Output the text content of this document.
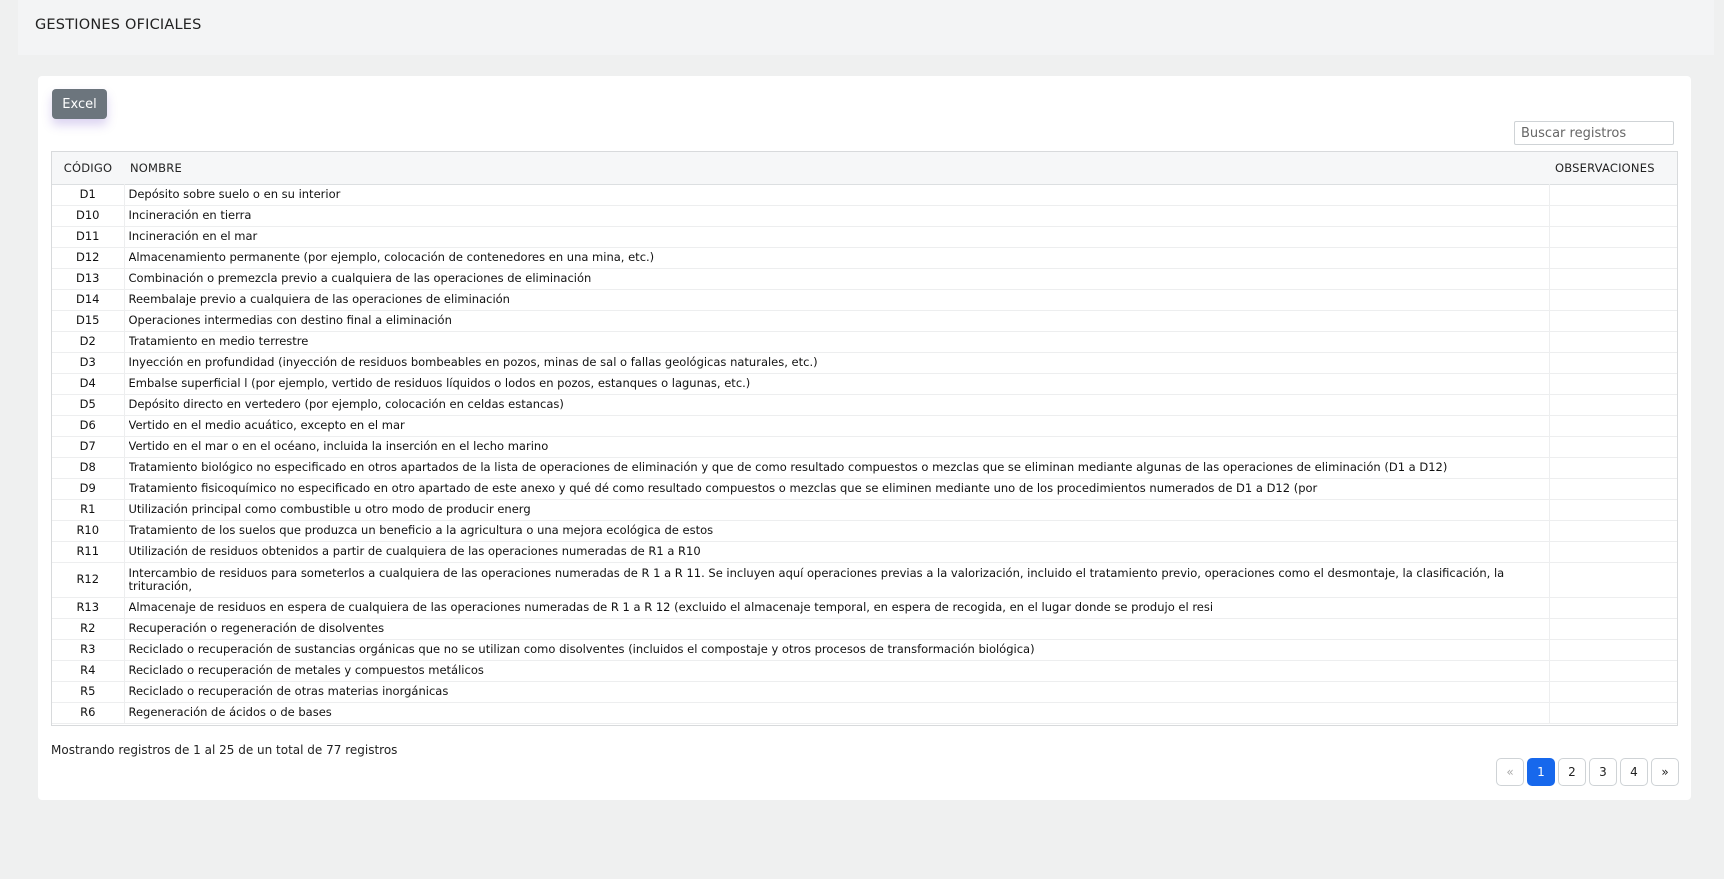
GESTIONES OFICIALES
Excel
Buscar registros
CÓDIGO	NOMBRE	OBSERVACIONES
D1	Depósito sobre suelo o en su interior	

D10	Incineración en tierra	

D11	Incineración en el mar	

D12	Almacenamiento permanente (por ejemplo, colocación de contenedores en una mina, etc.)	

D13	Combinación o premezcla previo a cualquiera de las operaciones de eliminación	

D14	Reembalaje previo a cualquiera de las operaciones de eliminación	

D15	Operaciones intermedias con destino final a eliminación	

D2	Tratamiento en medio terrestre	

D3	Inyección en profundidad (inyección de residuos bombeables en pozos, minas de sal o fallas geológicas naturales, etc.)	

D4	Embalse superficial l (por ejemplo, vertido de residuos líquidos o lodos en pozos, estanques o lagunas, etc.)	

D5	Depósito directo en vertedero (por ejemplo, colocación en celdas estancas)	

D6	Vertido en el medio acuático, excepto en el mar	

D7	Vertido en el mar o en el océano, incluida la inserción en el lecho marino	

D8	Tratamiento biológico no especificado en otros apartados de la lista de operaciones de eliminación y que de como resultado compuestos o mezclas que se eliminan mediante algunas de las operaciones de eliminación (D1 a D12)	

D9	Tratamiento fisicoquímico no especificado en otro apartado de este anexo y qué dé como resultado compuestos o mezclas que se eliminen mediante uno de los procedimientos numerados de D1 a D12 (por	

R1	Utilización principal como combustible u otro modo de producir energ	

R10	Tratamiento de los suelos que produzca un beneficio a la agricultura o una mejora ecológica de estos	

R11	Utilización de residuos obtenidos a partir de cualquiera de las operaciones numeradas de R1 a R10	

R12	Intercambio de residuos para someterlos a cualquiera de las operaciones numeradas de R 1 a R 11. Se incluyen aquí operaciones previas a la valorización, incluido el tratamiento previo, operaciones como el desmontaje, la clasificación, la trituración,	

R13	Almacenaje de residuos en espera de cualquiera de las operaciones numeradas de R 1 a R 12 (excluido el almacenaje temporal, en espera de recogida, en el lugar donde se produjo el resi	

R2	Recuperación o regeneración de disolventes	

R3	Reciclado o recuperación de sustancias orgánicas que no se utilizan como disolventes (incluidos el compostaje y otros procesos de transformación biológica)	

R4	Reciclado o recuperación de metales y compuestos metálicos	

R5	Reciclado o recuperación de otras materias inorgánicas	

R6	Regeneración de ácidos o de bases	

Mostrando registros de 1 al 25 de un total de 77 registros
«	1	2	3	4	»
